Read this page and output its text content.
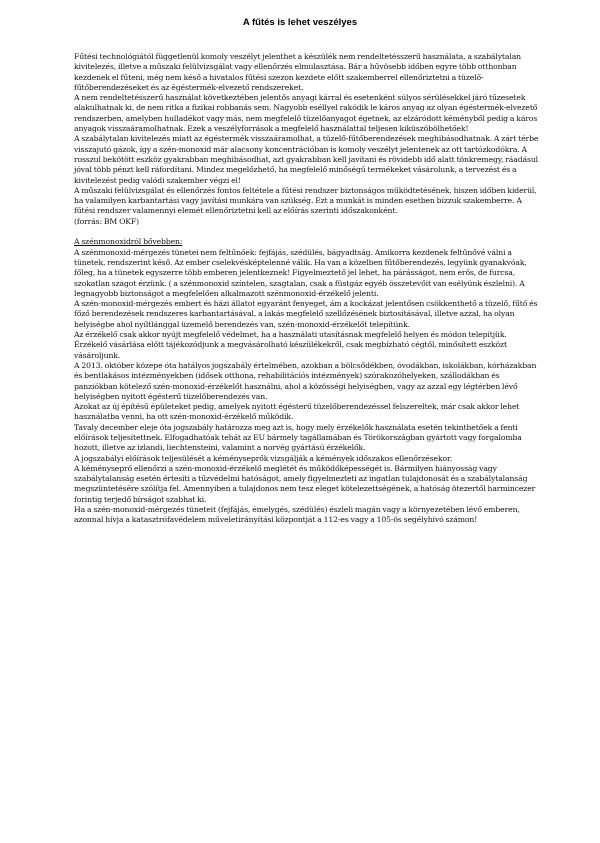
A fűtés is lehet veszélyes

Fűtési technológiától függetlenül komoly veszélyt jelenthet a készülék nem rendeltetésszerű használata, a szabálytalan kivitelezés, illetve a műszaki felülvizsgálat vagy ellenőrzés elmulasztása. Bár a hűvösebb időben egyre több otthonban kezdenek el fűteni, még nem késő a hivatalos fűtési szezon kezdete előtt szakemberrel ellenőriztetni a tüzelő-fűtőberendezéseket és az égéstermék-elvezető rendszereket.

A nem rendeltetésszerű használat következtében jelentős anyagi kárral és esetenként súlyos sérülésekkel járó tűzesetek alakulhatnak ki, de nem ritka a fizikai robbanás sem. Nagyobb eséllyel rakódik le káros anyag az olyan égéstermék-elvezető rendszerben, amelyben hulladékot vagy más, nem megfelelő tüzelőanyagot égetnek, az elzáródott kéményből pedig a káros anyagok visszaáramolhatnak. Ezek a veszélyforrások a megfelelő használattal teljesen kiküszöbölhetőek!

A szabálytalan kivitelezés miatt az égéstermék visszaáramolhat, a tüzelő-fűtőberendezések meghibásodhatnak. A zárt térbe visszajutó gázok, így a szén-monoxid már alacsony koncentrációban is komoly veszélyt jelentenek az ott tartózkodókra. A rosszul bekötött eszköz gyakrabban meghibásodhat, azt gyakrabban kell javítani és rövidebb idő alatt tönkremegy, ráadásul jóval több pénzt kell ráfordítani. Mindez megelőzhető, ha megfelelő minőségű termékeket vásárolunk, a tervezést és a kivitelezést pedig valódi szakember végzi el!

A műszaki felülvizsgálat és ellenőrzés fontos feltétele a fűtési rendszer biztonságos működtetésének, hiszen időben kiderül, ha valamilyen karbantartási vagy javítási munkára van szükség. Ezt a munkát is minden esetben bízzuk szakemberre. A fűtési rendszer valamennyi elemét ellenőriztetni kell az előírás szerinti időszakonként.

(forrás: BM OKF)

A szénmonoxidról bővebben:

A szénmonoxid-mérgezés tünetei nem feltűnőek: fejfájás, szédülés, bágyadtság. Amikorra kezdenek feltűnővé válni a tünetek, rendszerint késő. Az ember cselekvésképtelenné válik. Ha van a közelben fűtőberendezés, legyünk gyanakvóak, főleg, ha a tünetek egyszerre több emberen jelentkeznek! Figyelmeztető jel lehet, ha párásságot, nem erős, de furcsa, szokatlan szagot érzünk. ( a szénmonoxid színtelen, szagtalan, csak a füstgáz egyéb összetevőit van esélyünk észlelni). A legnagyobb biztonságot a megfelelően alkalmazott szénmonoxid-érzékelő jelenti.

A szén-monoxid-mérgezés embert és házi állatot egyaránt fenyeget, ám a kockázat jelentősen csökkenthető a tüzelő, fűtő és főző berendezések rendszeres karbantartásával, a lakás megfelelő szellőzésének biztosításával, illetve azzal, ha olyan helyiségbe ahol nyíltlánggal üzemelő berendezés van, szén-monoxid-érzékelőt telepítünk.

Az érzékelő csak akkor nyújt megfelelő védelmet, ha a használati utasításnak megfelelő helyen és módon telepítjük. Érzékelő vásárlása előtt tájékozódjunk a megvásárolható készülékekről, csak megbízható cégtől, minősített eszközt vásároljunk.

A 2013. október közepe óta hatályos jogszabály értelmében, azokban a bölcsődékben, óvodákban, iskolákban, kórházakban és bentlakásos intézményekben (idősek otthona, rehabilitációs intézmények) szórakozóhelyeken, szállodákban és panziókban kötelező szén-monoxid-érzékelőt használni, ahol a közösségi helyiségben, vagy az azzal egy légtérben lévő helyiségben nyitott égésterű tüzelőberendezés van.

Azokat az új építésű épületeket pedig, amelyek nyitott égésterű tüzelőberendezéssel felszereltek, már csak akkor lehet használatba venni, ha ott szén-monoxid-érzékelő működik.

Tavaly december eleje óta jogszabály határozza meg azt is, hogy mely érzékelők használata esetén tekinthetőek a fenti előírások teljesítettnek. Elfogadhatóak tehát az EU bármely tagállamában és Törökországban gyártott vagy forgalomba hozott, illetve az izlandi, liechtensteini, valamint a norvég gyártású érzékelők.

A jogszabályi előírások teljesülését a kéményseprők vizsgálják a kémények időszakos ellenőrzésekor.

A kéményseprő ellenőrzi a szén-monoxid-érzékelő meglétét és működőképességét is. Bármilyen hiányosság vagy szabálytalanság esetén értesíti a tűzvédelmi hatóságot, amely figyelmezteti az ingatlan tulajdonosát és a szabálytalanság megszüntetésére szólítja fel. Amennyiben a tulajdonos nem tesz eleget kötelezettségének, a hatóság ötezertől harmincezer forintig terjedő bírságot szabhat ki.

Ha a szén-monoxid-mérgezés tüneteit (fejfájás, émelygés, szédülés) észleli magán vagy a környezetében lévő emberen, azonnal hívja a katasztrófavédelem műveletirányítási központját a 112-es vagy a 105-ös segélyhívó számon!
